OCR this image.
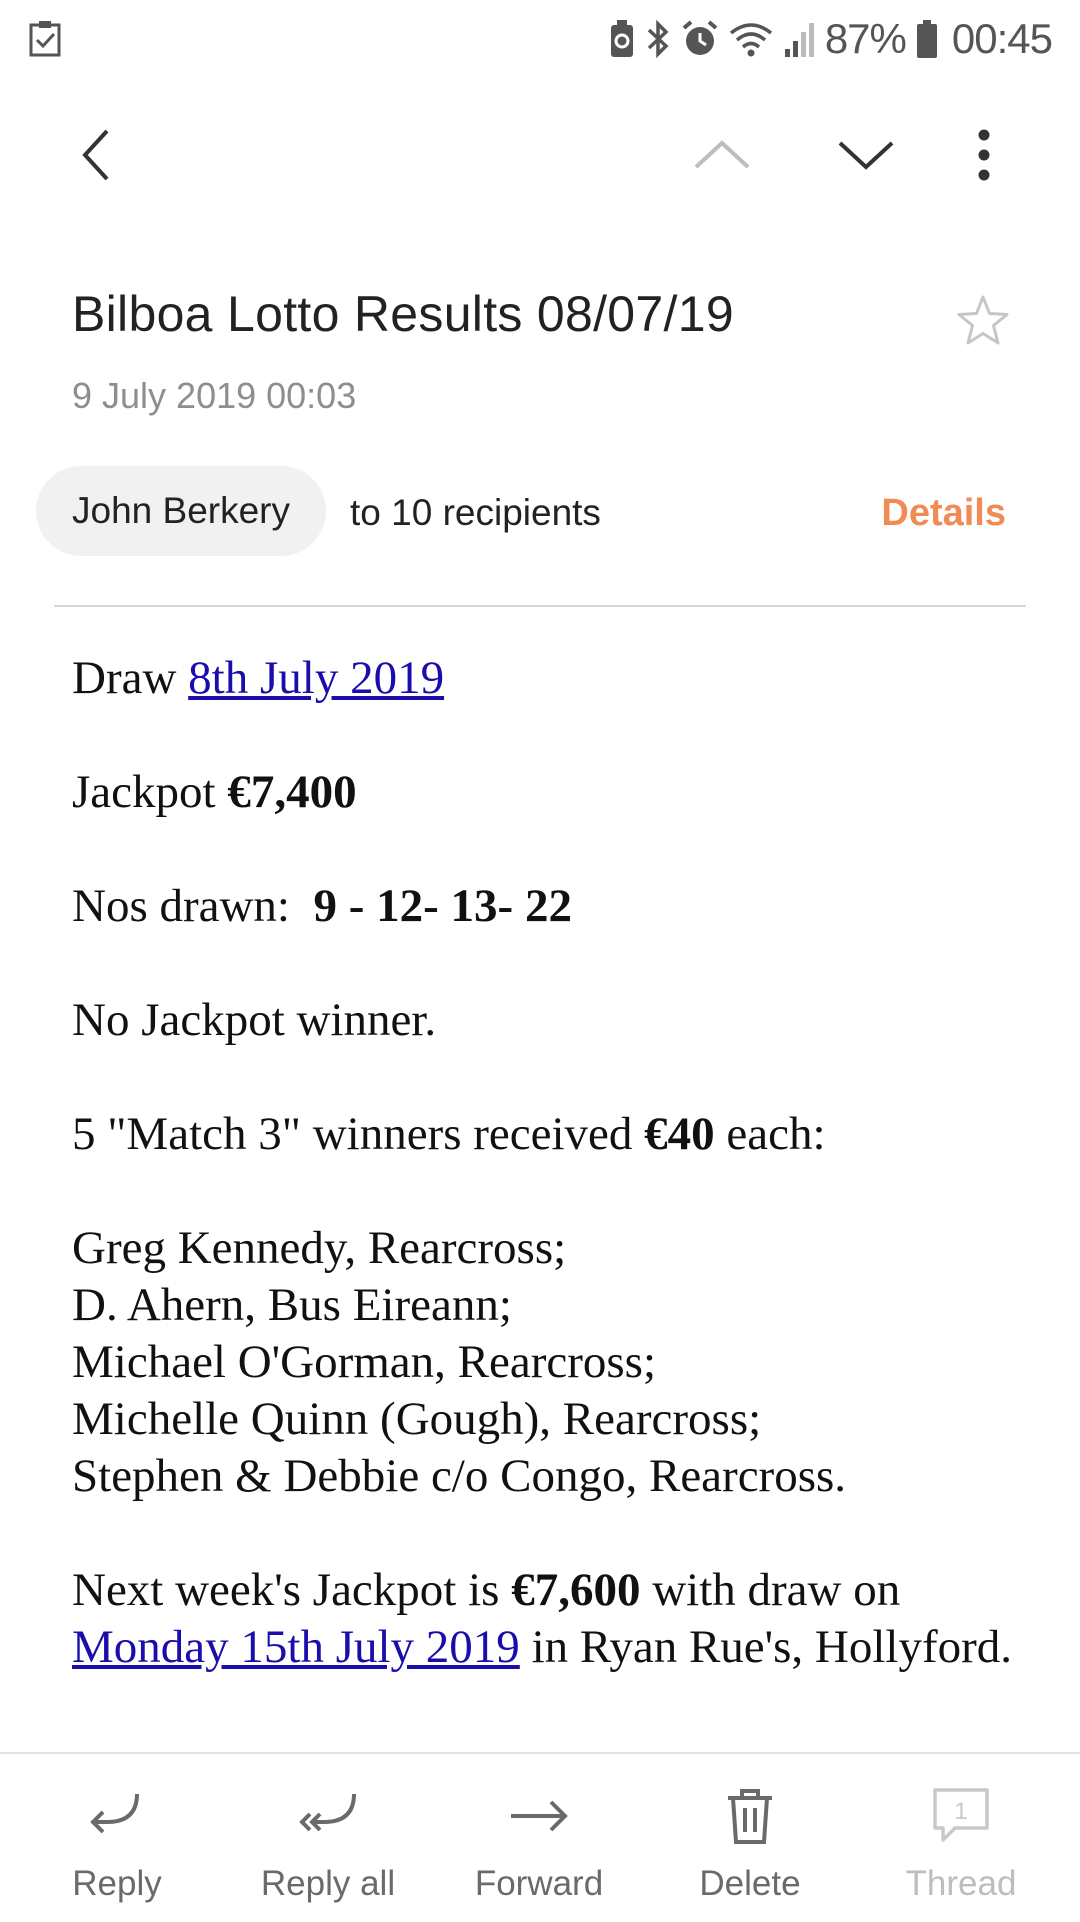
87% 00:45
Bilboa Lotto Results 08/07/19
9 July 2019 00:03
John Berkery to 10 recipients	Details

Draw 8th July 2019

Jackpot €7,400

Nos drawn:  9 - 12- 13- 22

No Jackpot winner.

5 "Match 3" winners received €40 each:

Greg Kennedy, Rearcross;
D. Ahern, Bus Eireann;
Michael O'Gorman, Rearcross;
Michelle Quinn (Gough), Rearcross;
Stephen & Debbie c/o Congo, Rearcross.

Next week's Jackpot is €7,600 with draw on Monday 15th July 2019 in Ryan Rue's, Hollyford.

Reply	Reply all Forward	Delete
1
Thread
